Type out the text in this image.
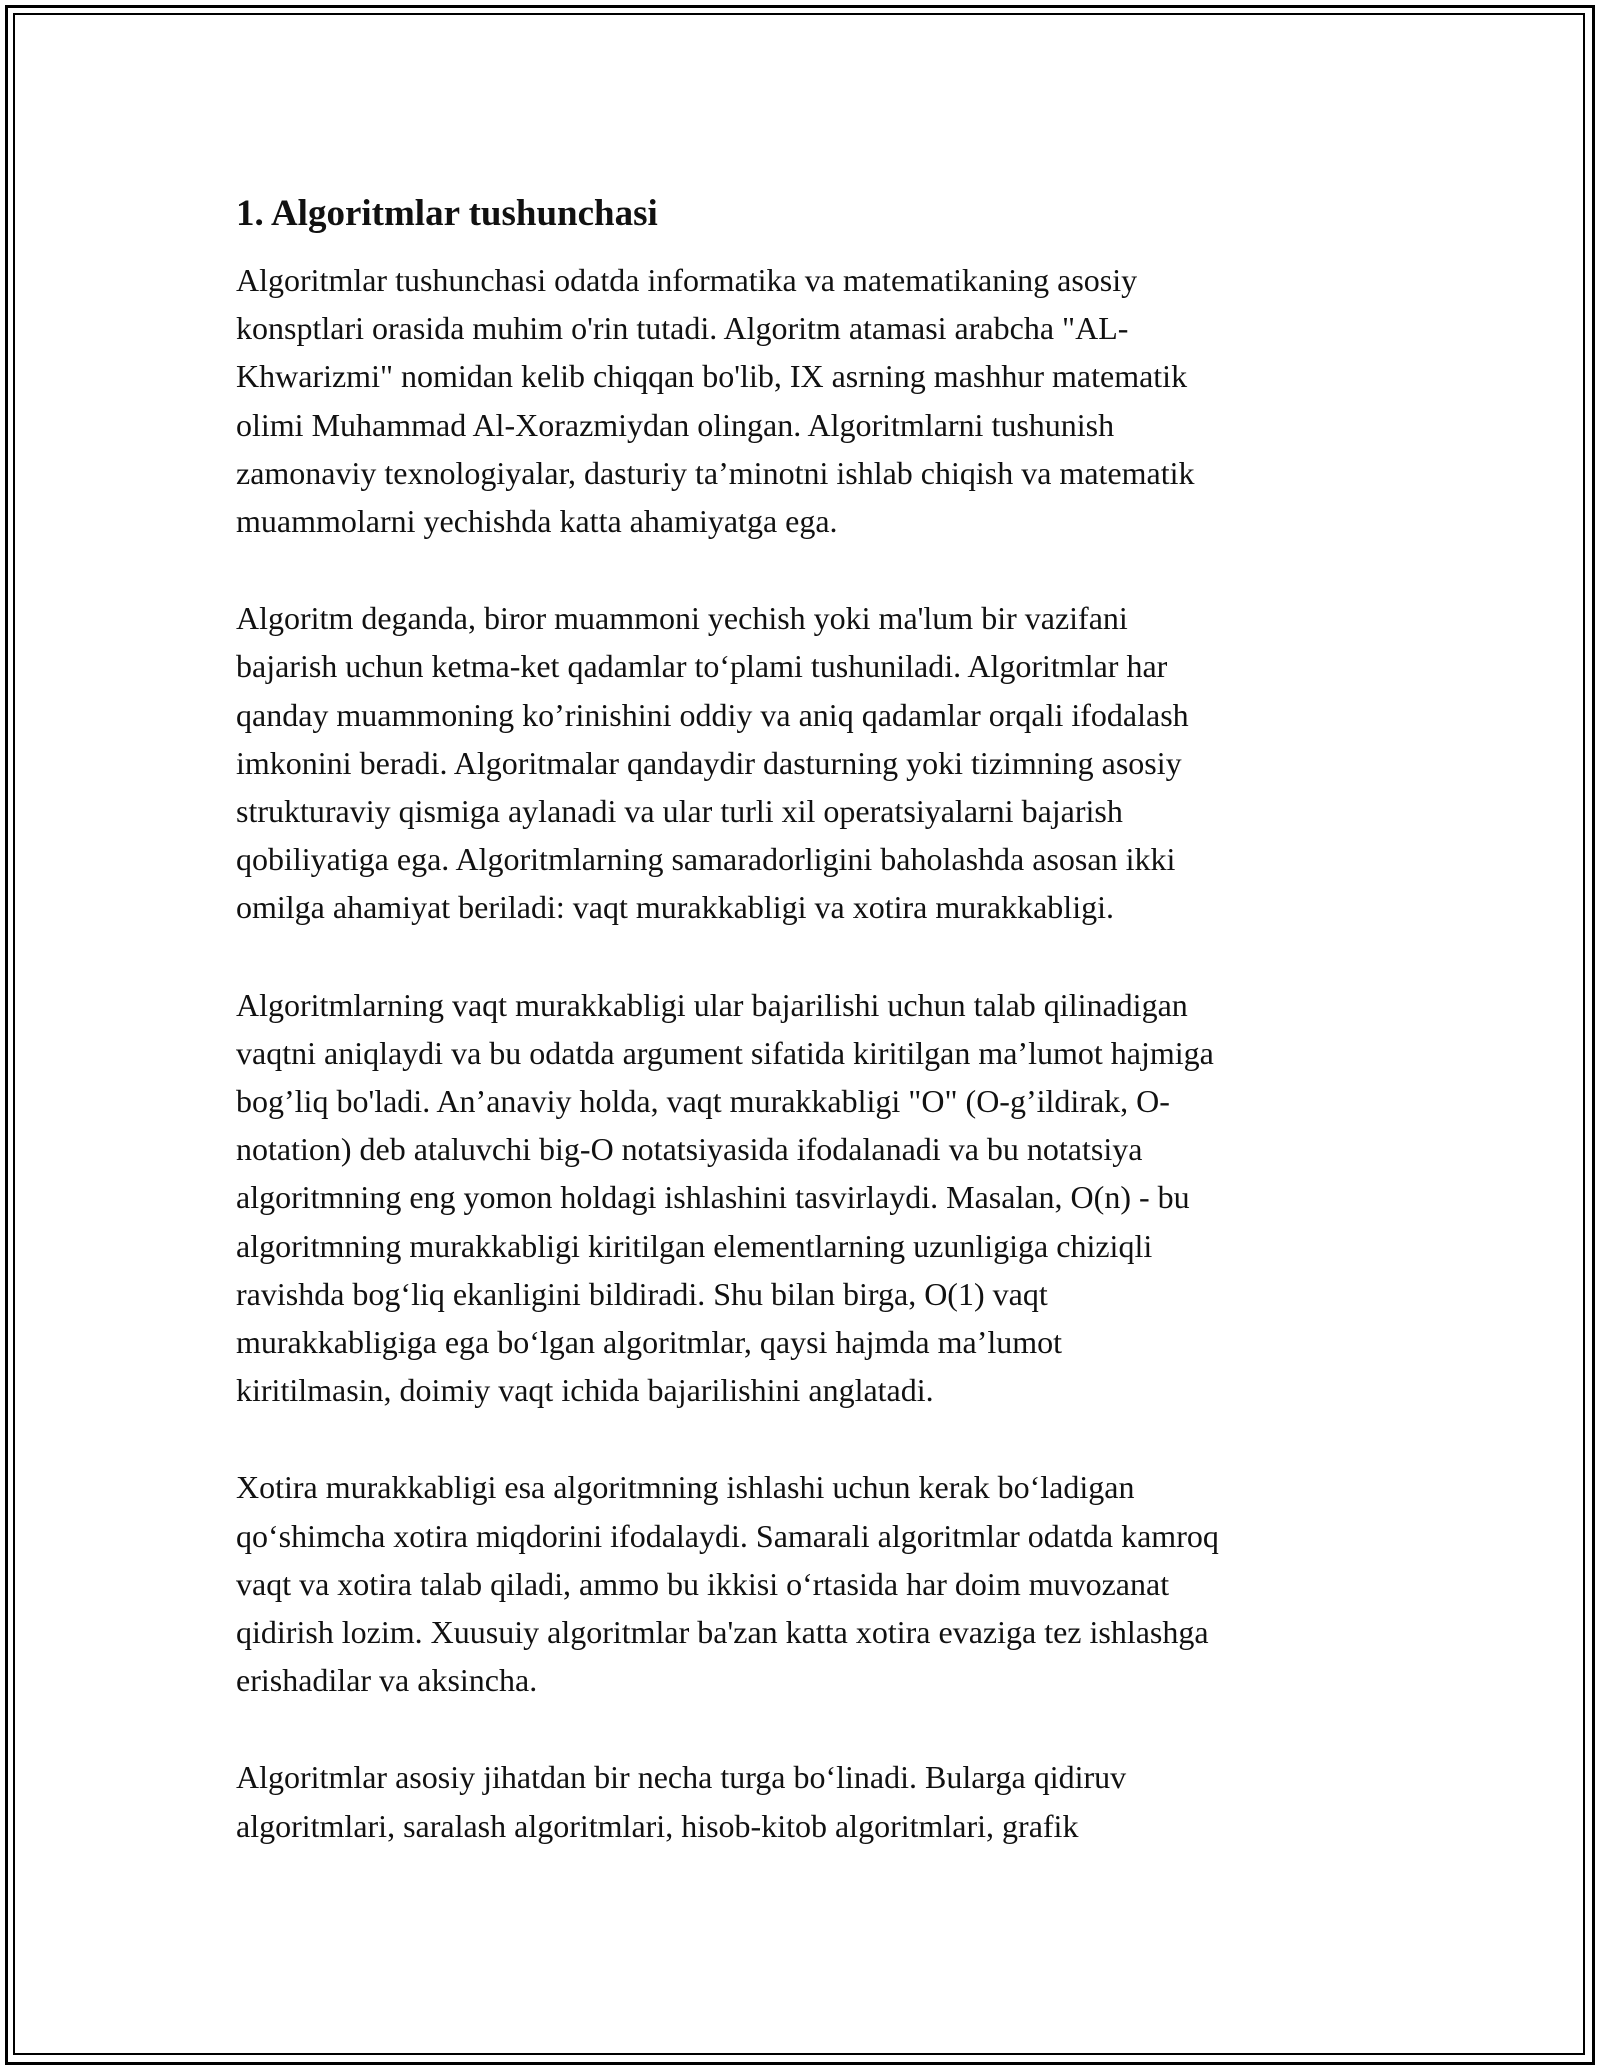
1. Algoritmlar tushunchasi

Algoritmlar tushunchasi odatda informatika va matematikaning asosiy
konsptlari orasida muhim o'rin tutadi. Algoritm atamasi arabcha "AL-
Khwarizmi" nomidan kelib chiqqan bo'lib, IX asrning mashhur matematik
olimi Muhammad Al-Xorazmiydan olingan. Algoritmlarni tushunish
zamonaviy texnologiyalar, dasturiy ta’minotni ishlab chiqish va matematik
muammolarni yechishda katta ahamiyatga ega.

Algoritm deganda, biror muammoni yechish yoki ma'lum bir vazifani
bajarish uchun ketma-ket qadamlar to‘plami tushuniladi. Algoritmlar har
qanday muammoning ko’rinishini oddiy va aniq qadamlar orqali ifodalash
imkonini beradi. Algoritmalar qandaydir dasturning yoki tizimning asosiy
strukturaviy qismiga aylanadi va ular turli xil operatsiyalarni bajarish
qobiliyatiga ega. Algoritmlarning samaradorligini baholashda asosan ikki
omilga ahamiyat beriladi: vaqt murakkabligi va xotira murakkabligi.

Algoritmlarning vaqt murakkabligi ular bajarilishi uchun talab qilinadigan
vaqtni aniqlaydi va bu odatda argument sifatida kiritilgan ma’lumot hajmiga
bog’liq bo'ladi. An’anaviy holda, vaqt murakkabligi "O" (O-g’ildirak, O-
notation) deb ataluvchi big-O notatsiyasida ifodalanadi va bu notatsiya
algoritmning eng yomon holdagi ishlashini tasvirlaydi. Masalan, O(n) - bu
algoritmning murakkabligi kiritilgan elementlarning uzunligiga chiziqli
ravishda bog‘liq ekanligini bildiradi. Shu bilan birga, O(1) vaqt
murakkabligiga ega bo‘lgan algoritmlar, qaysi hajmda ma’lumot
kiritilmasin, doimiy vaqt ichida bajarilishini anglatadi.

Xotira murakkabligi esa algoritmning ishlashi uchun kerak bo‘ladigan
qo‘shimcha xotira miqdorini ifodalaydi. Samarali algoritmlar odatda kamroq
vaqt va xotira talab qiladi, ammo bu ikkisi o‘rtasida har doim muvozanat
qidirish lozim. Xuusuiy algoritmlar ba'zan katta xotira evaziga tez ishlashga
erishadilar va aksincha.

Algoritmlar asosiy jihatdan bir necha turga bo‘linadi. Bularga qidiruv
algoritmlari, saralash algoritmlari, hisob-kitob algoritmlari, grafik
